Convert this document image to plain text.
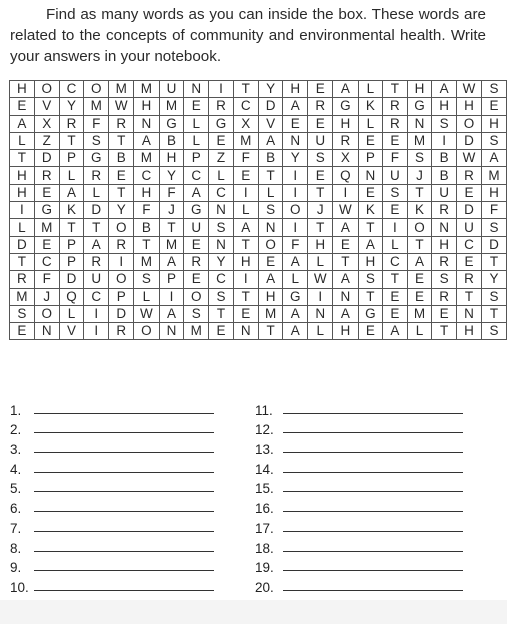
Find as many words as you can inside the box. These words are related to the concepts of community and environmental health. Write your answers in your notebook.
H	O	C	O	M	M	U	N	I	T	Y	H	E	A	L	T	H	A	W	S
E	V	Y	M	W	H	M	E	R	C	D	A	R	G	K	R	G	H	H	E
A	X	R	F	R	N	G	L	G	X	V	E	E	H	L	R	N	S	O	H
L	Z	T	S	T	A	B	L	E	M	A	N	U	R	E	E	M	I	D	S
T	D	P	G	B	M	H	P	Z	F	B	Y	S	X	P	F	S	B	W	A
H	R	L	R	E	C	Y	C	L	E	T	I	E	Q	N	U	J	B	R	M
H	E	A	L	T	H	F	A	C	I	L	I	T	I	E	S	T	U	E	H
I	G	K	D	Y	F	J	G	N	L	S	O	J	W	K	E	K	R	D	F
L	M	T	T	O	B	T	U	S	A	N	I	T	A	T	I	O	N	U	S
D	E	P	A	R	T	M	E	N	T	O	F	H	E	A	L	T	H	C	D
T	C	P	R	I	M	A	R	Y	H	E	A	L	T	H	C	A	R	E	T
R	F	D	U	O	S	P	E	C	I	A	L	W	A	S	T	E	S	R	Y
M	J	Q	C	P	L	I	O	S	T	H	G	I	N	T	E	E	R	T	S
S	O	L	I	D	W	A	S	T	E	M	A	N	A	G	E	M	E	N	T
E	N	V	I	R	O	N	M	E	N	T	A	L	H	E	A	L	T	H	S
1.
2.
3.
4.
5.
6.
7.
8.
9.
10.
11.
12.
13.
14.
15.
16.
17.
18.
19.
20.
